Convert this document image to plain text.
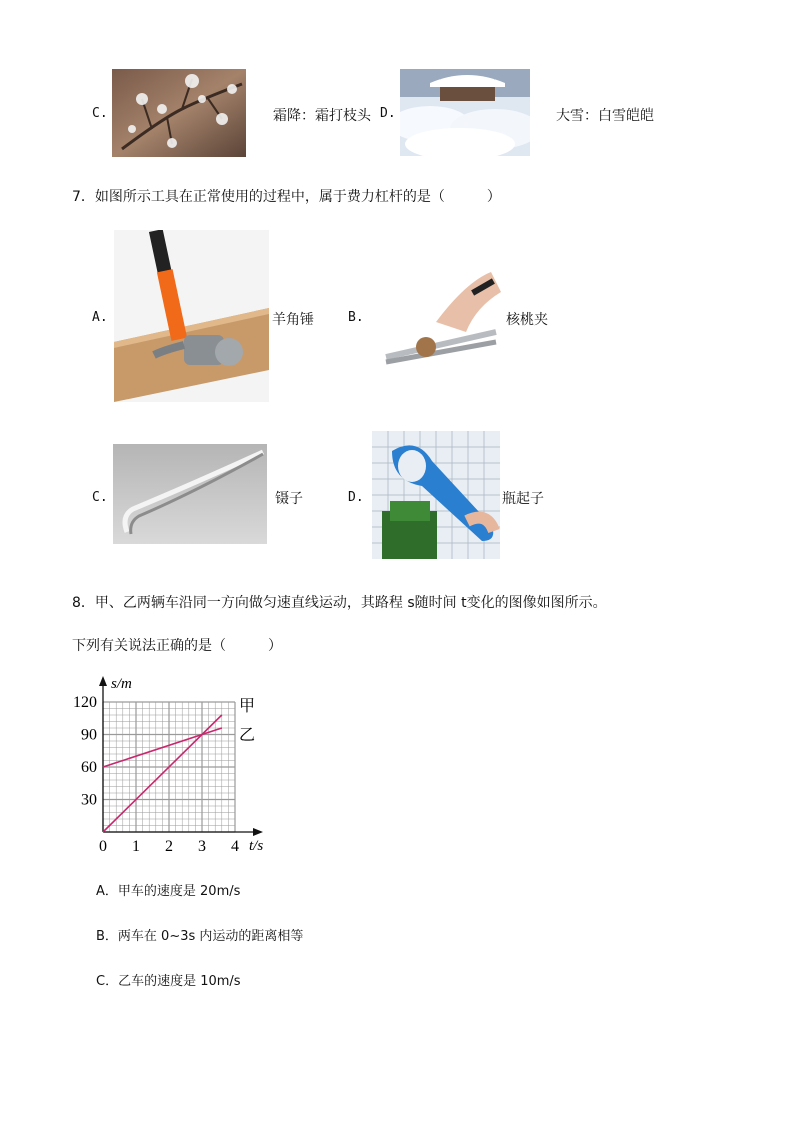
C.	霜降：霜打枝头 D.	大雪：白雪皑皑
7．如图所示工具在正常使用的过程中，属于费力杠杆的是（　　　）
A.	羊角锤	B.	核桃夹
C.	镊子	D.	瓶起子
8．甲、乙两辆车沿同一方向做匀速直线运动，其路程 s随时间 t变化的图像如图所示。
下列有关说法正确的是（　　　）
0 1 2 3 4
30
60
90
120
s/m
t/s
甲
乙
A．甲车的速度是 20m/s
B．两车在 0~3s 内运动的距离相等
C．乙车的速度是 10m/s
